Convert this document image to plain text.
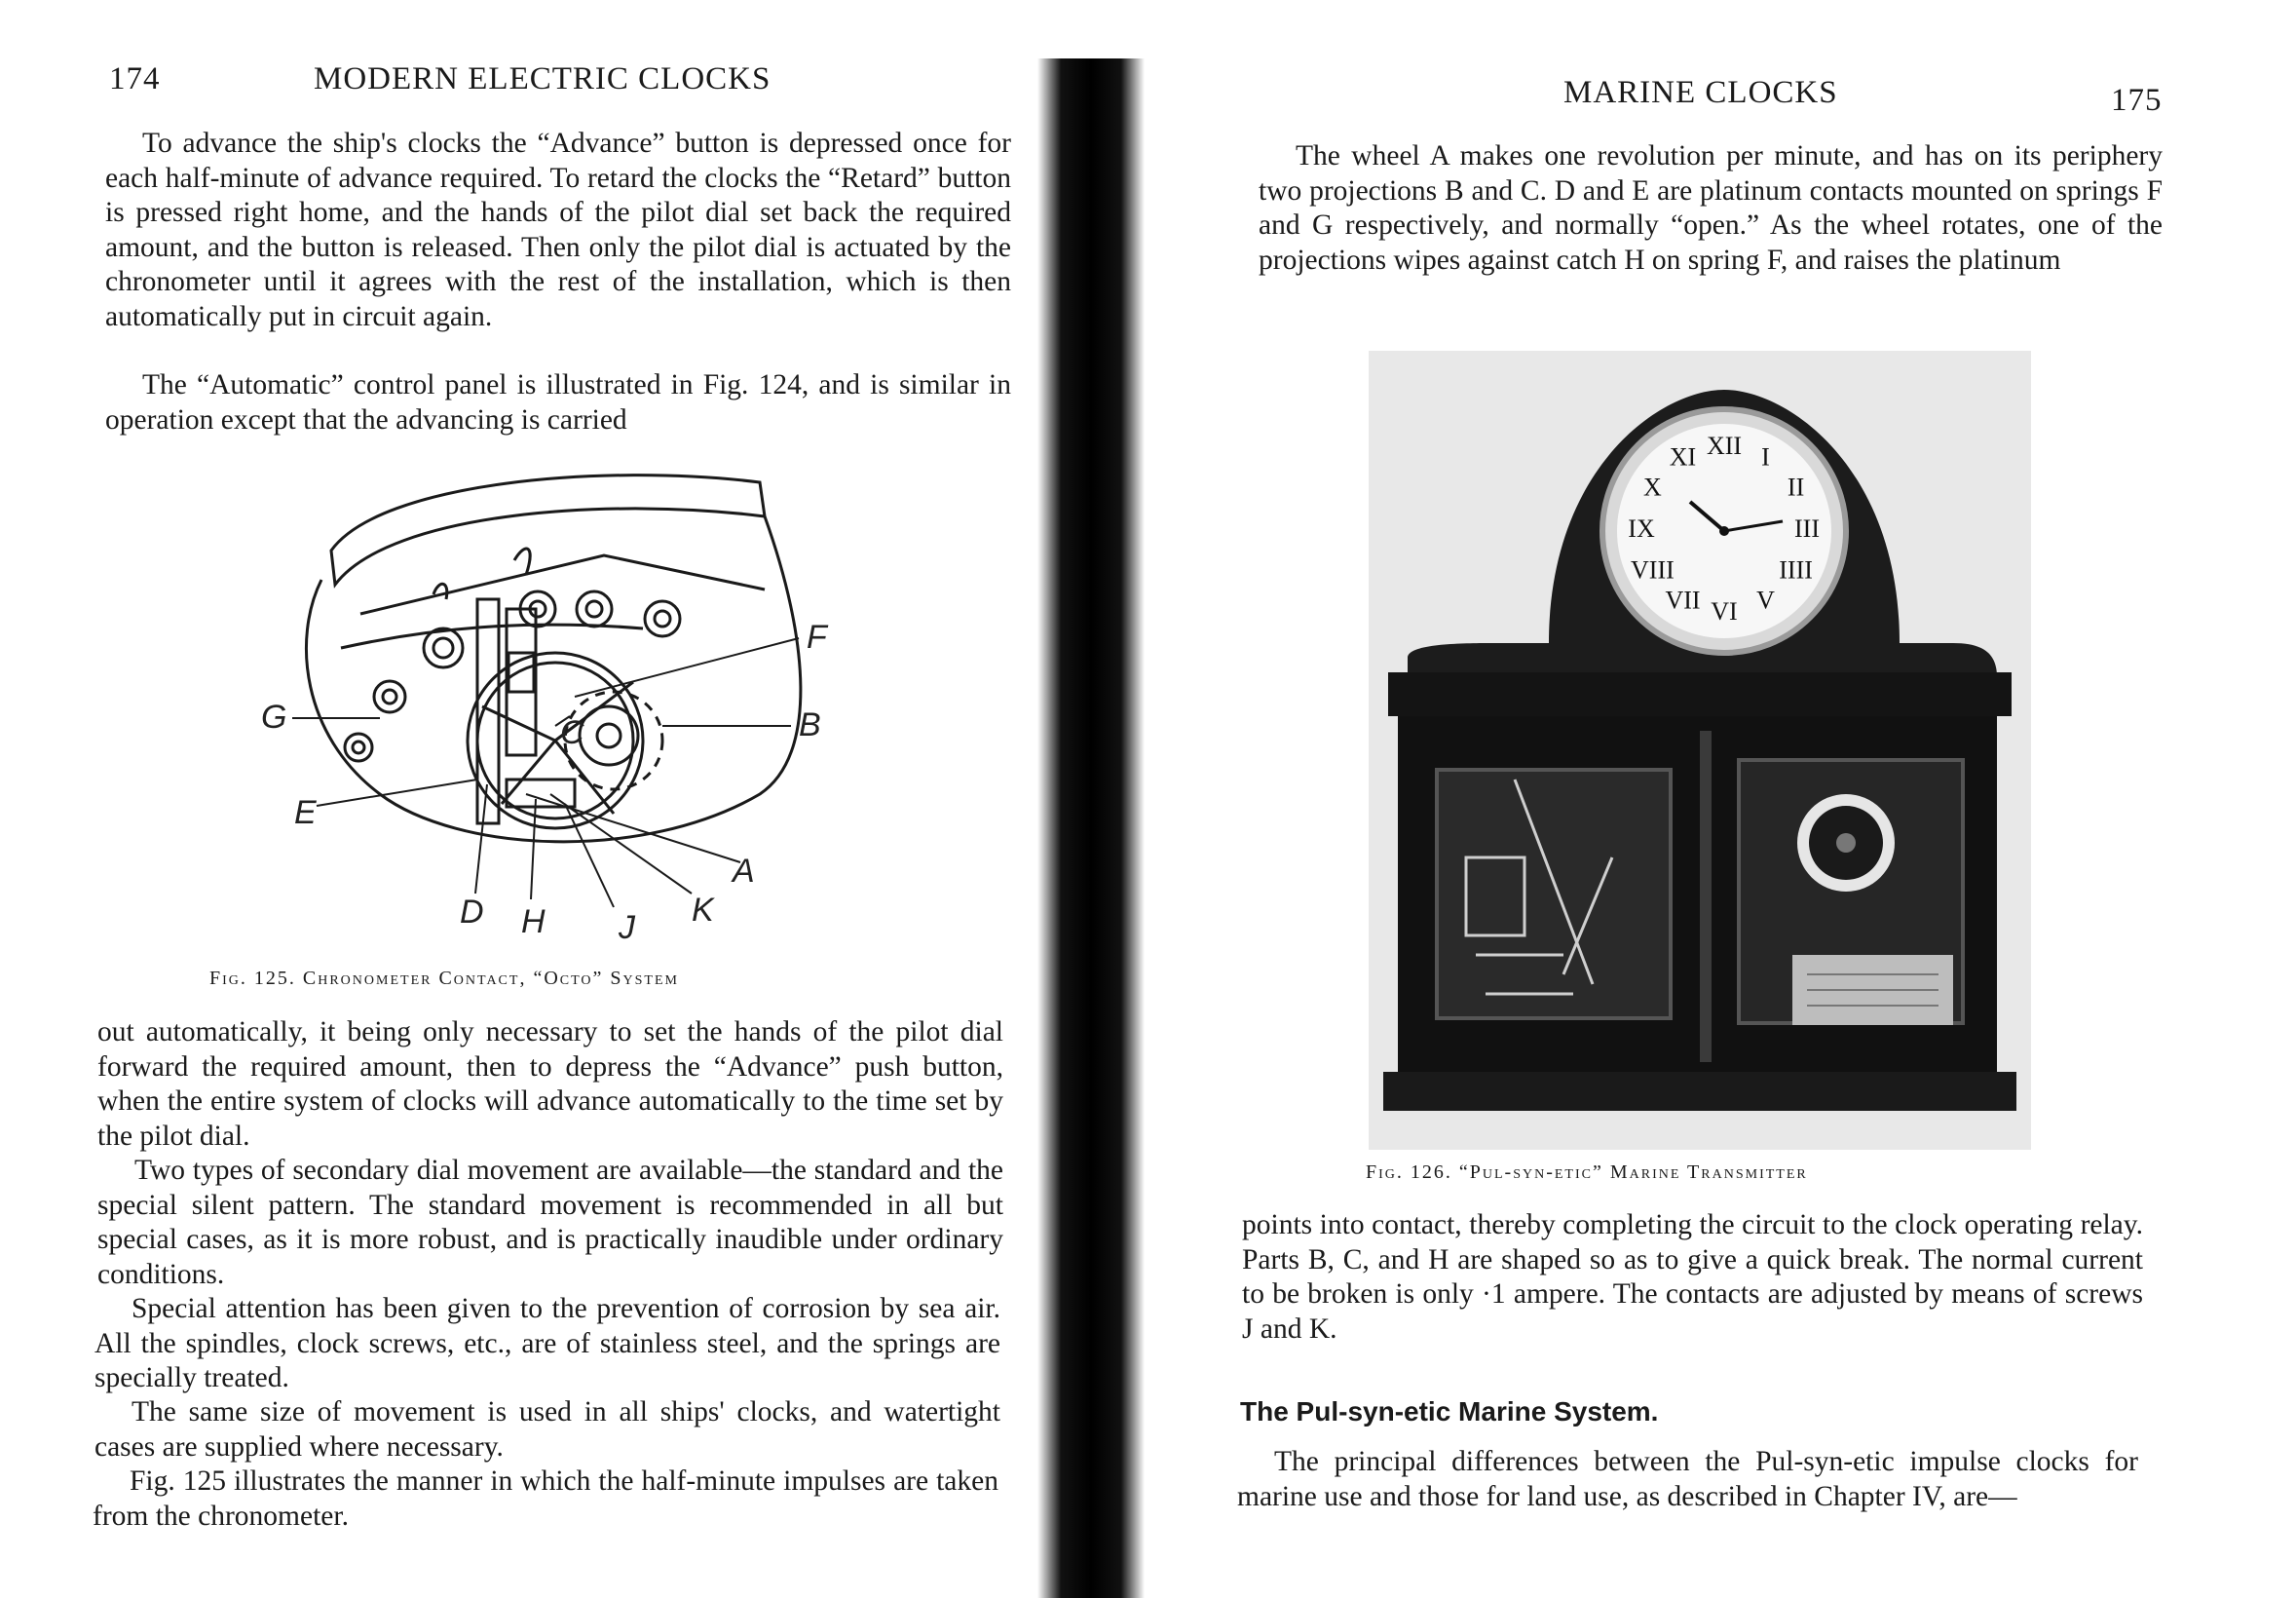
174	MODERN ELECTRIC CLOCKS

To advance the ship's clocks the “Advance” button is depressed once for each half-minute of advance required. To retard the clocks the “Retard” button is pressed right home, and the hands of the pilot dial set back the required amount, and the button is released. Then only the pilot dial is actuated by the chronometer until it agrees with the rest of the installation, which is then automatically put in circuit again.

The “Automatic” control panel is illustrated in Fig. 124, and is similar in operation except that the advancing is carried

F
G	B
C
E
A
D H J K
Fig. 125. Chronometer Contact, “Octo” System

out automatically, it being only necessary to set the hands of the pilot dial forward the required amount, then to depress the “Advance” push button, when the entire system of clocks will advance automatically to the time set by the pilot dial.

Two types of secondary dial movement are available—the standard and the special silent pattern. The standard movement is recommended in all but special cases, as it is more robust, and is practically inaudible under ordinary conditions.

Special attention has been given to the prevention of corrosion by sea air. All the spindles, clock screws, etc., are of stainless steel, and the springs are specially treated.

The same size of movement is used in all ships' clocks, and watertight cases are supplied where necessary.

Fig. 125 illustrates the manner in which the half-minute impulses are taken from the chronometer.

MARINE CLOCKS	175

The wheel A makes one revolution per minute, and has on its periphery two projections B and C. D and E are platinum contacts mounted on springs F and G respectively, and normally “open.” As the wheel rotates, one of the projections wipes against catch H on spring F, and raises the platinum

XII I
II
III
IIII
V
VI
VII
VIII
IX
X
XI
Fig. 126. “Pul-syn-etic” Marine Transmitter

points into contact, thereby completing the circuit to the clock operating relay. Parts B, C, and H are shaped so as to give a quick break. The normal current to be broken is only ·1 ampere. The contacts are adjusted by means of screws J and K.

The Pul-syn-etic Marine System.

The principal differences between the Pul-syn-etic impulse clocks for marine use and those for land use, as described in Chapter IV, are—
